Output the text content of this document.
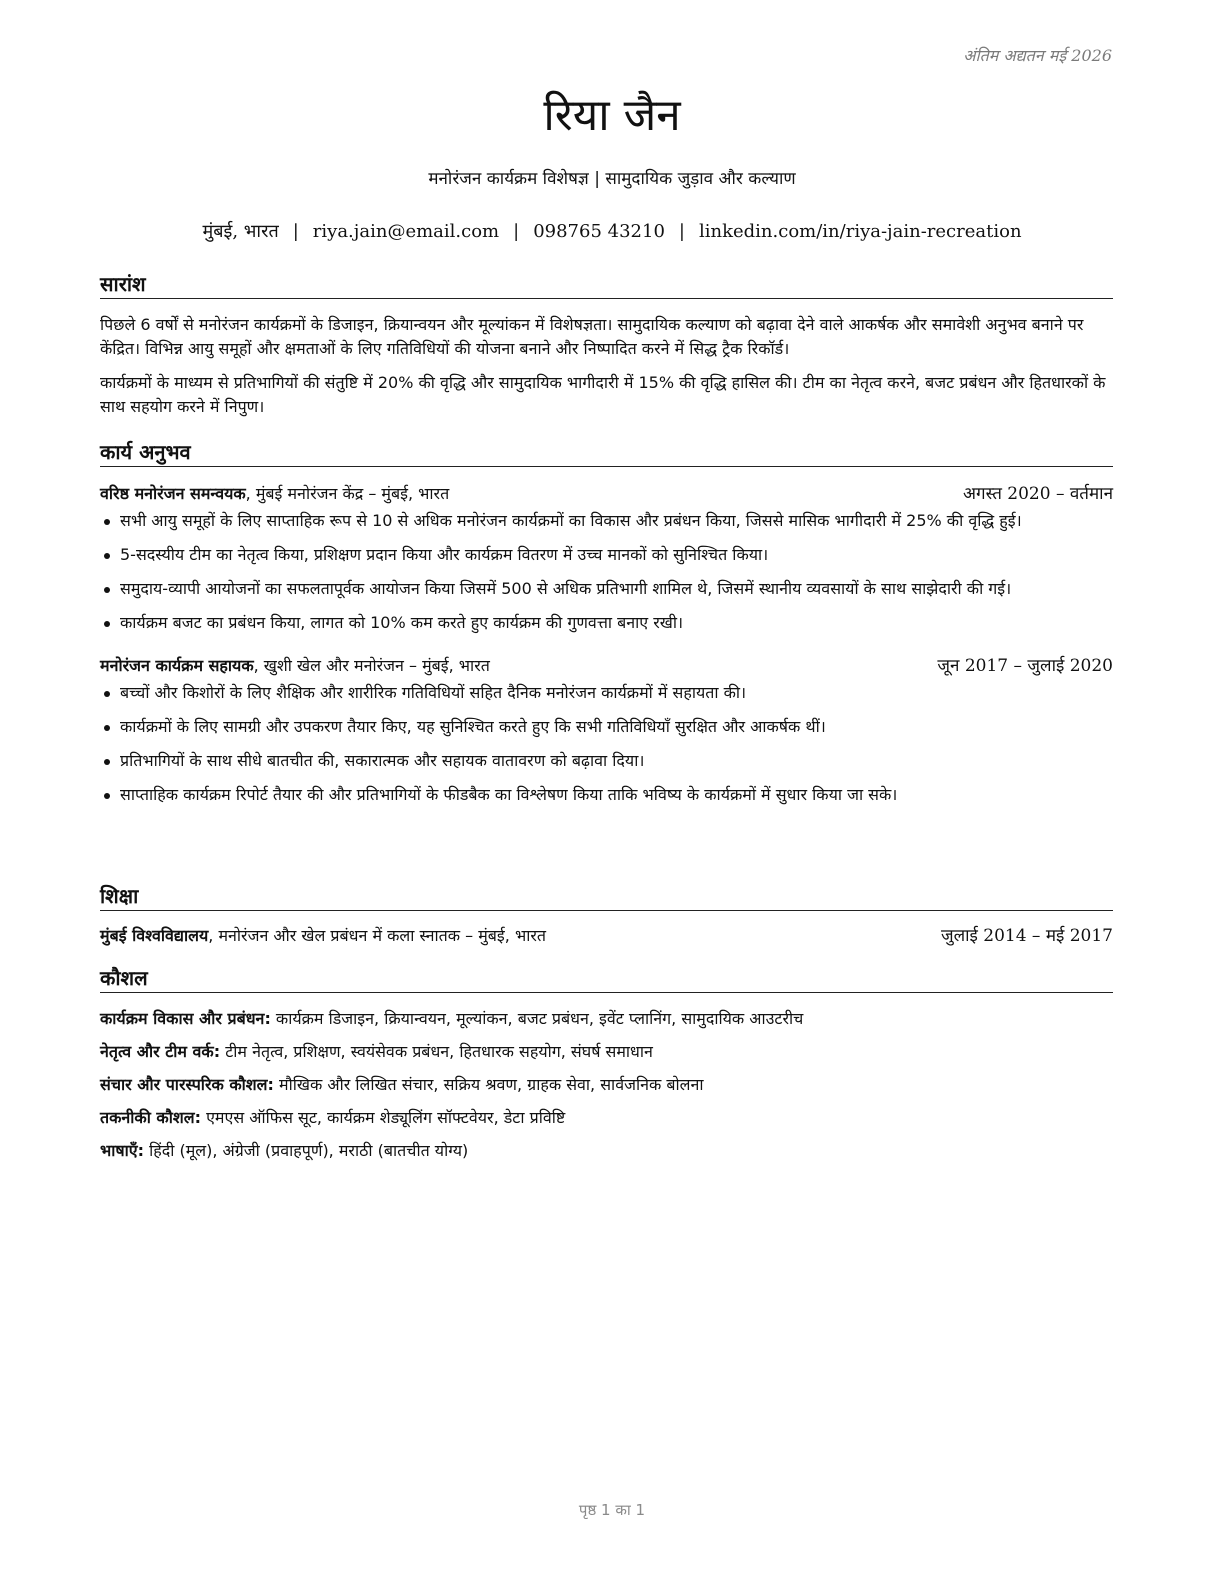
अंतिम अद्यतन मई 2026
रिया जैन
मनोरंजन कार्यक्रम विशेषज्ञ | सामुदायिक जुड़ाव और कल्याण
मुंबई, भारत | riya.jain@email.com | 098765 43210 | linkedin.com/in/riya-jain-recreation
सारांश

पिछले 6 वर्षों से मनोरंजन कार्यक्रमों के डिजाइन, क्रियान्वयन और मूल्यांकन में विशेषज्ञता। सामुदायिक कल्याण को बढ़ावा देने वाले आकर्षक और समावेशी अनुभव बनाने पर केंद्रित। विभिन्न आयु समूहों और क्षमताओं के लिए गतिविधियों की योजना बनाने और निष्पादित करने में सिद्ध ट्रैक रिकॉर्ड।

कार्यक्रमों के माध्यम से प्रतिभागियों की संतुष्टि में 20% की वृद्धि और सामुदायिक भागीदारी में 15% की वृद्धि हासिल की। टीम का नेतृत्व करने, बजट प्रबंधन और हितधारकों के साथ सहयोग करने में निपुण।

कार्य अनुभव
वरिष्ठ मनोरंजन समन्वयक, मुंबई मनोरंजन केंद्र – मुंबई, भारत	अगस्त 2020 – वर्तमान
सभी आयु समूहों के लिए साप्ताहिक रूप से 10 से अधिक मनोरंजन कार्यक्रमों का विकास और प्रबंधन किया, जिससे मासिक भागीदारी में 25% की वृद्धि हुई।
5-सदस्यीय टीम का नेतृत्व किया, प्रशिक्षण प्रदान किया और कार्यक्रम वितरण में उच्च मानकों को सुनिश्चित किया।
समुदाय-व्यापी आयोजनों का सफलतापूर्वक आयोजन किया जिसमें 500 से अधिक प्रतिभागी शामिल थे, जिसमें स्थानीय व्यवसायों के साथ साझेदारी की गई।
कार्यक्रम बजट का प्रबंधन किया, लागत को 10% कम करते हुए कार्यक्रम की गुणवत्ता बनाए रखी।
मनोरंजन कार्यक्रम सहायक, खुशी खेल और मनोरंजन – मुंबई, भारत	जून 2017 – जुलाई 2020
बच्चों और किशोरों के लिए शैक्षिक और शारीरिक गतिविधियों सहित दैनिक मनोरंजन कार्यक्रमों में सहायता की।
कार्यक्रमों के लिए सामग्री और उपकरण तैयार किए, यह सुनिश्चित करते हुए कि सभी गतिविधियाँ सुरक्षित और आकर्षक थीं।
प्रतिभागियों के साथ सीधे बातचीत की, सकारात्मक और सहायक वातावरण को बढ़ावा दिया।
साप्ताहिक कार्यक्रम रिपोर्ट तैयार की और प्रतिभागियों के फीडबैक का विश्लेषण किया ताकि भविष्य के कार्यक्रमों में सुधार किया जा सके।
शिक्षा
मुंबई विश्वविद्यालय, मनोरंजन और खेल प्रबंधन में कला स्नातक – मुंबई, भारत	जुलाई 2014 – मई 2017
कौशल
कार्यक्रम विकास और प्रबंधन: कार्यक्रम डिजाइन, क्रियान्वयन, मूल्यांकन, बजट प्रबंधन, इवेंट प्लानिंग, सामुदायिक आउटरीच
नेतृत्व और टीम वर्क: टीम नेतृत्व, प्रशिक्षण, स्वयंसेवक प्रबंधन, हितधारक सहयोग, संघर्ष समाधान
संचार और पारस्परिक कौशल: मौखिक और लिखित संचार, सक्रिय श्रवण, ग्राहक सेवा, सार्वजनिक बोलना
तकनीकी कौशल: एमएस ऑफिस सूट, कार्यक्रम शेड्यूलिंग सॉफ्टवेयर, डेटा प्रविष्टि
भाषाएँ: हिंदी (मूल), अंग्रेजी (प्रवाहपूर्ण), मराठी (बातचीत योग्य)
पृष्ठ 1 का 1
